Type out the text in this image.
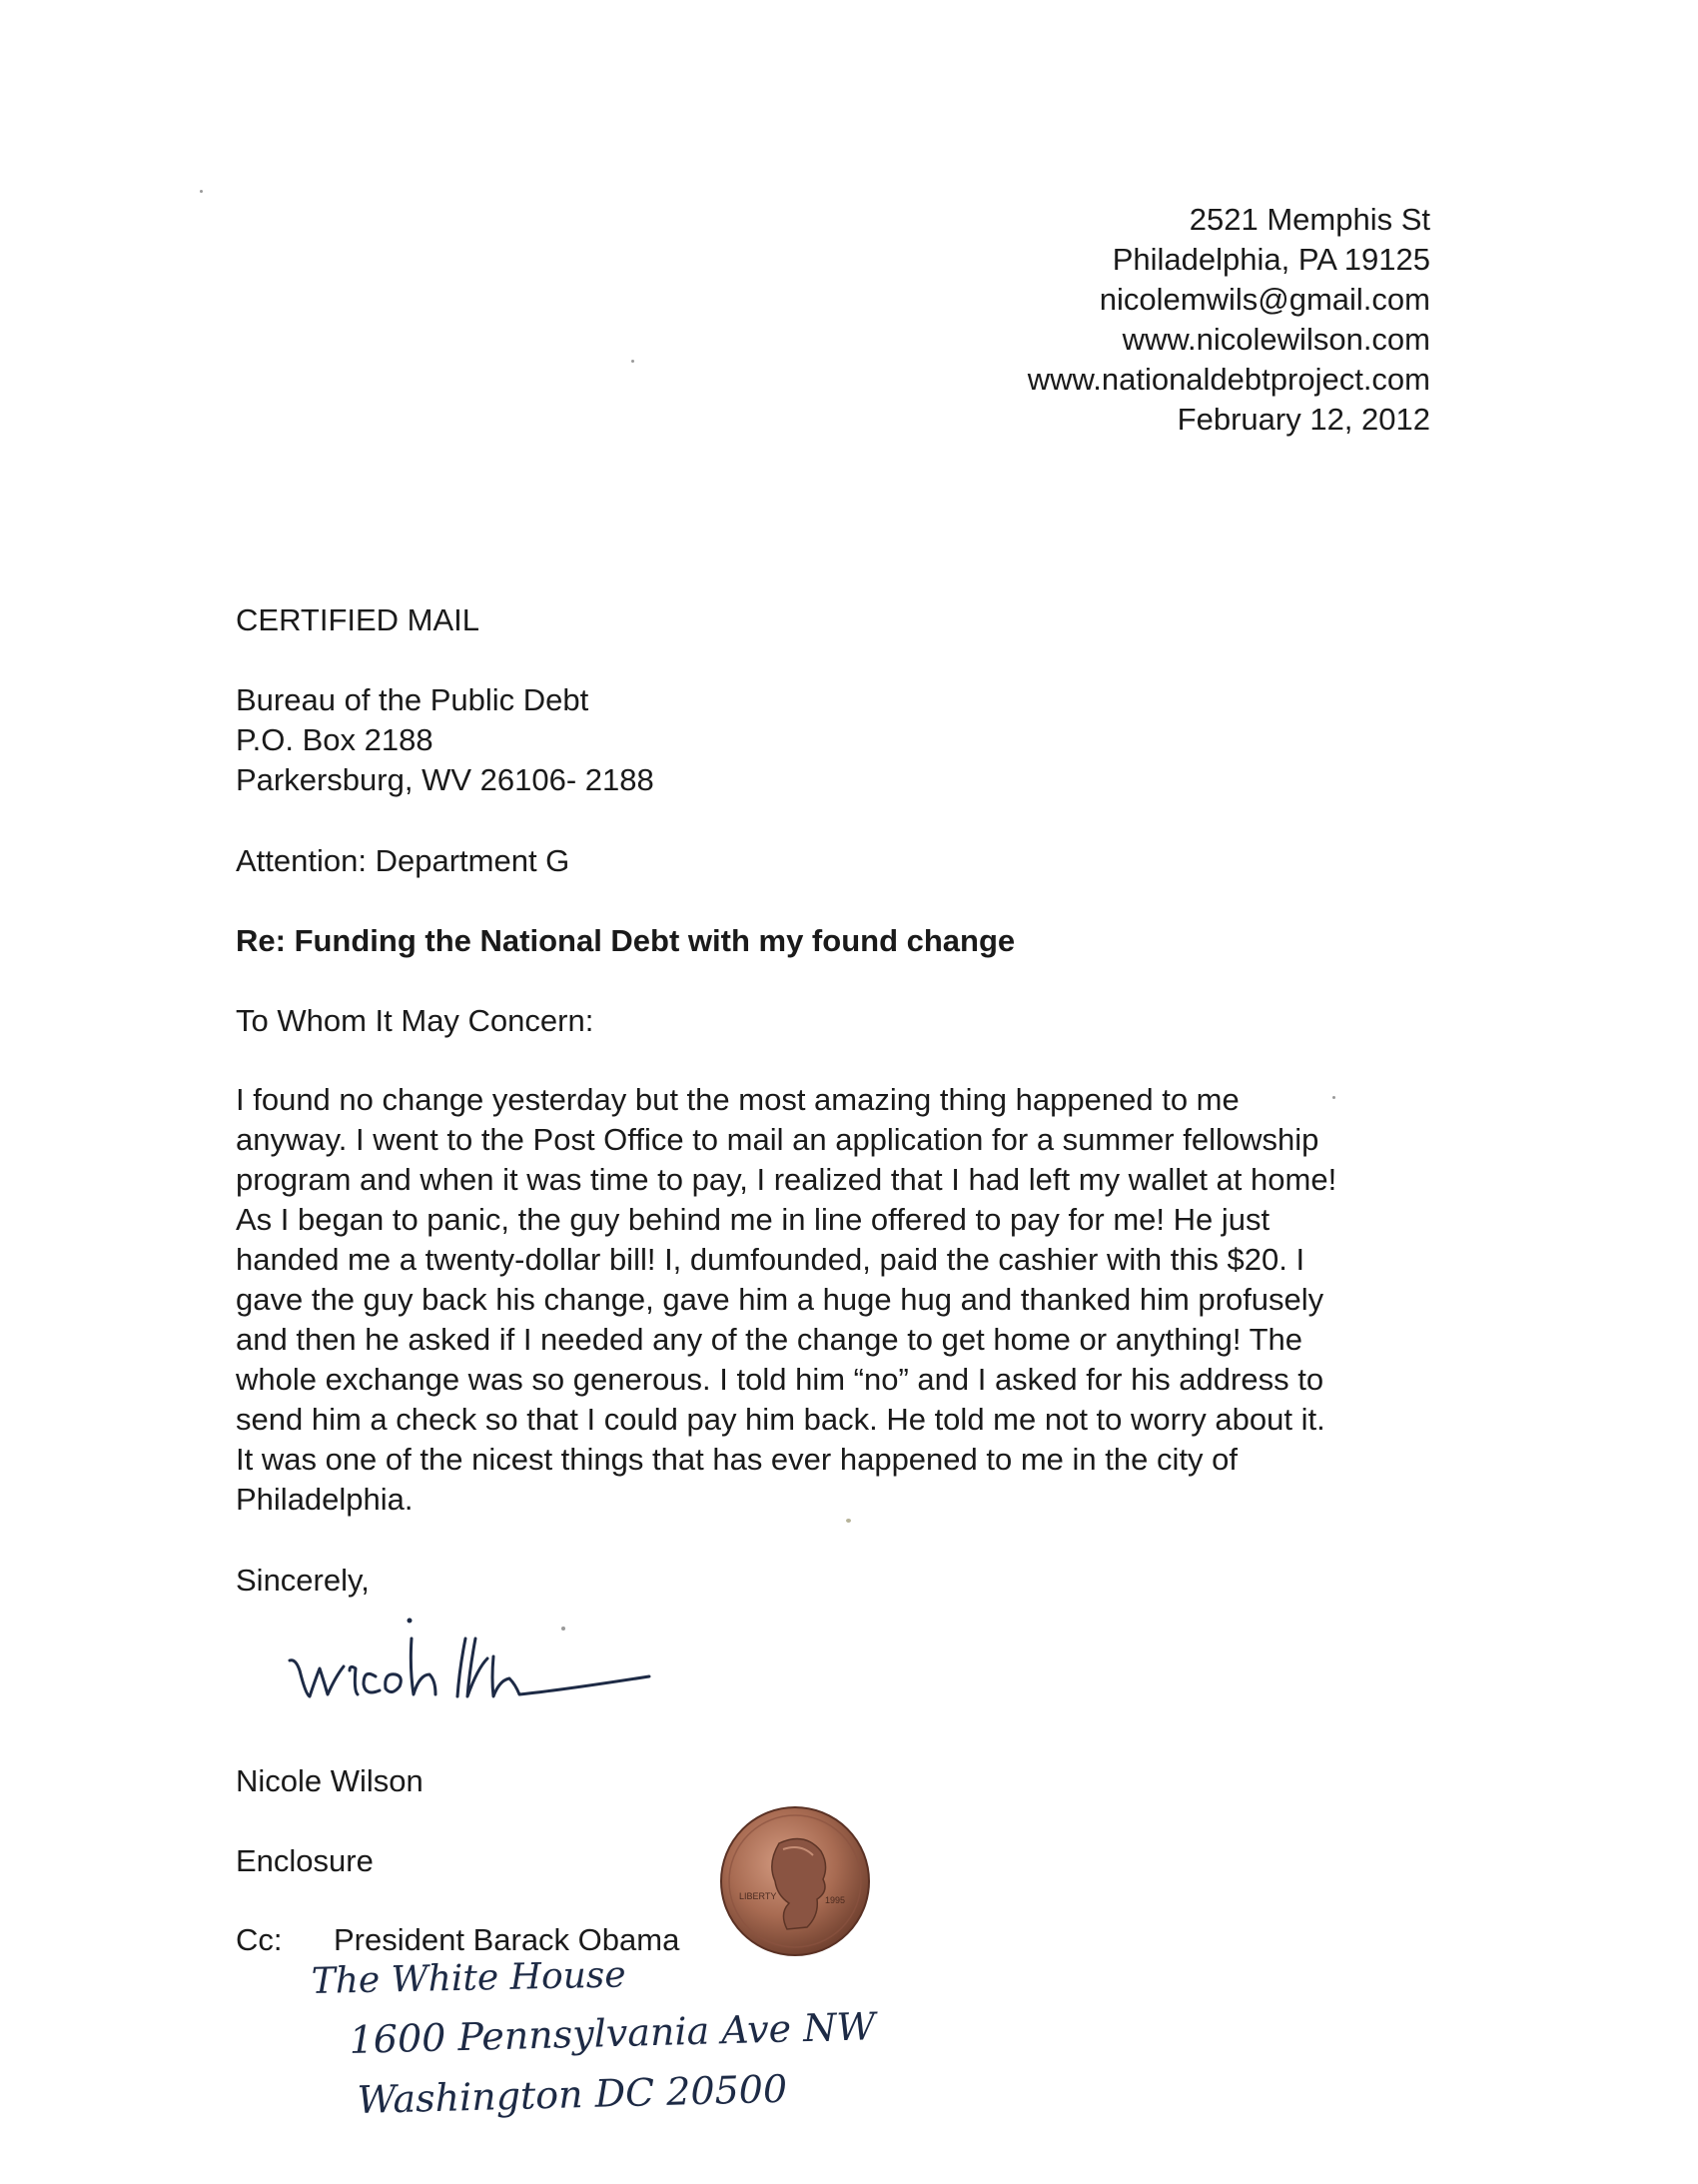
2521 Memphis St
Philadelphia, PA 19125
nicolemwils@gmail.com
www.nicolewilson.com
www.nationaldebtproject.com
February 12, 2012
CERTIFIED MAIL
Bureau of the Public Debt
P.O. Box 2188
Parkersburg, WV 26106- 2188
Attention: Department G
Re: Funding the National Debt with my found change
To Whom It May Concern:
I found no change yesterday but the most amazing thing happened to me
anyway. I went to the Post Office to mail an application for a summer fellowship
program and when it was time to pay, I realized that I had left my wallet at home!
As I began to panic, the guy behind me in line offered to pay for me! He just
handed me a twenty-dollar bill! I, dumfounded, paid the cashier with this $20. I
gave the guy back his change, gave him a huge hug and thanked him profusely
and then he asked if I needed any of the change to get home or anything! The
whole exchange was so generous. I told him “no” and I asked for his address to
send him a check so that I could pay him back. He told me not to worry about it.
It was one of the nicest things that has ever happened to me in the city of
Philadelphia.
Sincerely,
Nicole Wilson
Enclosure
Cc: President Barack Obama
LIBERTY	1995
The White House
1600 Pennsylvania Ave NW
Washington DC 20500
